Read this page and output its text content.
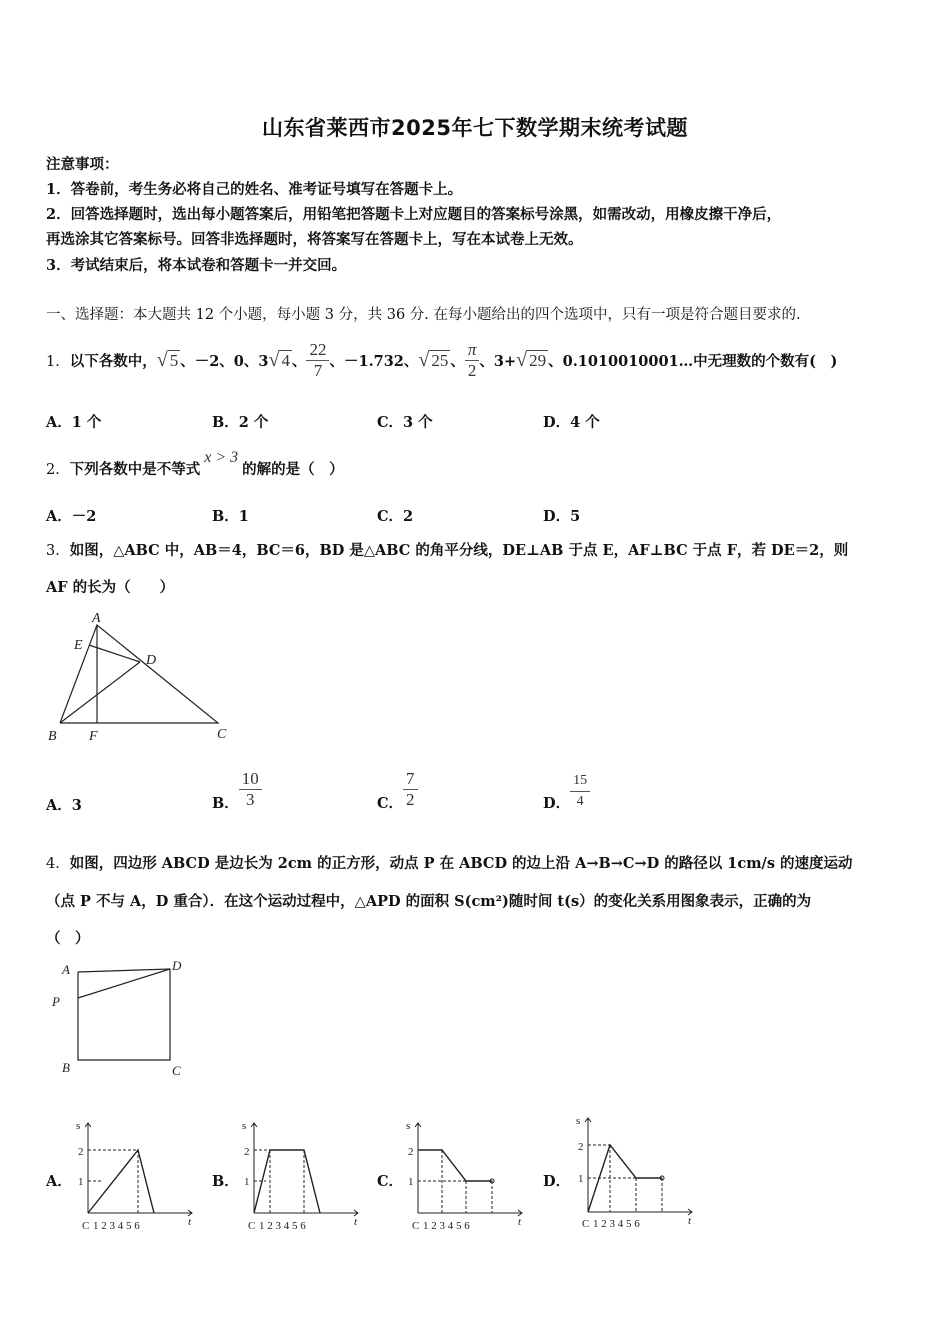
山东省莱西市2025年七下数学期末统考试题
注意事项：
1．答卷前，考生务必将自己的姓名、准考证号填写在答题卡上。
2．回答选择题时，选出每小题答案后，用铅笔把答题卡上对应题目的答案标号涂黑，如需改动，用橡皮擦干净后，
再选涂其它答案标号。回答非选择题时，将答案写在答题卡上，写在本试卷上无效。
3．考试结束后，将本试卷和答题卡一并交回。
一、选择题：本大题共 12 个小题，每小题 3 分，共 36 分. 在每小题给出的四个选项中，只有一项是符合题目要求的.
1． 以下各数中， √ 5 、－2、0、3 √ 4 、 $\frac{22}{7}$ 、－1.732、 √ 25 、 $\frac{\pi}{2}$ 、3+ √ 29 、0.1010010001…中无理数的个数有(　)
A．1 个	B．2 个	C．3 个	D．4 个
2．下列各数中是不等式x > 3的解的是（　）
A．－2	B．1	C．2	D．5
3．如图，△ABC 中，AB＝4，BC＝6，BD 是△ABC 的角平分线，DE⊥AB 于点 E，AF⊥BC 于点 F，若 DE＝2，则
AF 的长为（　　）
A
E
D
B F	C
A．3	B． $\frac{10}{3}$	C． $\frac{7}{2}$	D． $\frac{15}{4}$
4．如图，四边形 ABCD 是边长为 2cm 的正方形，动点 P 在 ABCD 的边上沿 A→B→C→D 的路径以 1cm/s 的速度运动
（点 P 不与 A，D 重合）．在这个运动过程中，△APD 的面积 S(cm²)随时间 t(s）的变化关系用图象表示，正确的为
（　）
A	D
P
B	C
A．	B．	C．	D．
s
2
1
C 1 2 3 4 5 6	t
s
2
1
C 1 2 3 4 5 6	t
s
2
1
C 1 2 3 4 5 6	t
s
2
1
C 1 2 3 4 5 6	t
